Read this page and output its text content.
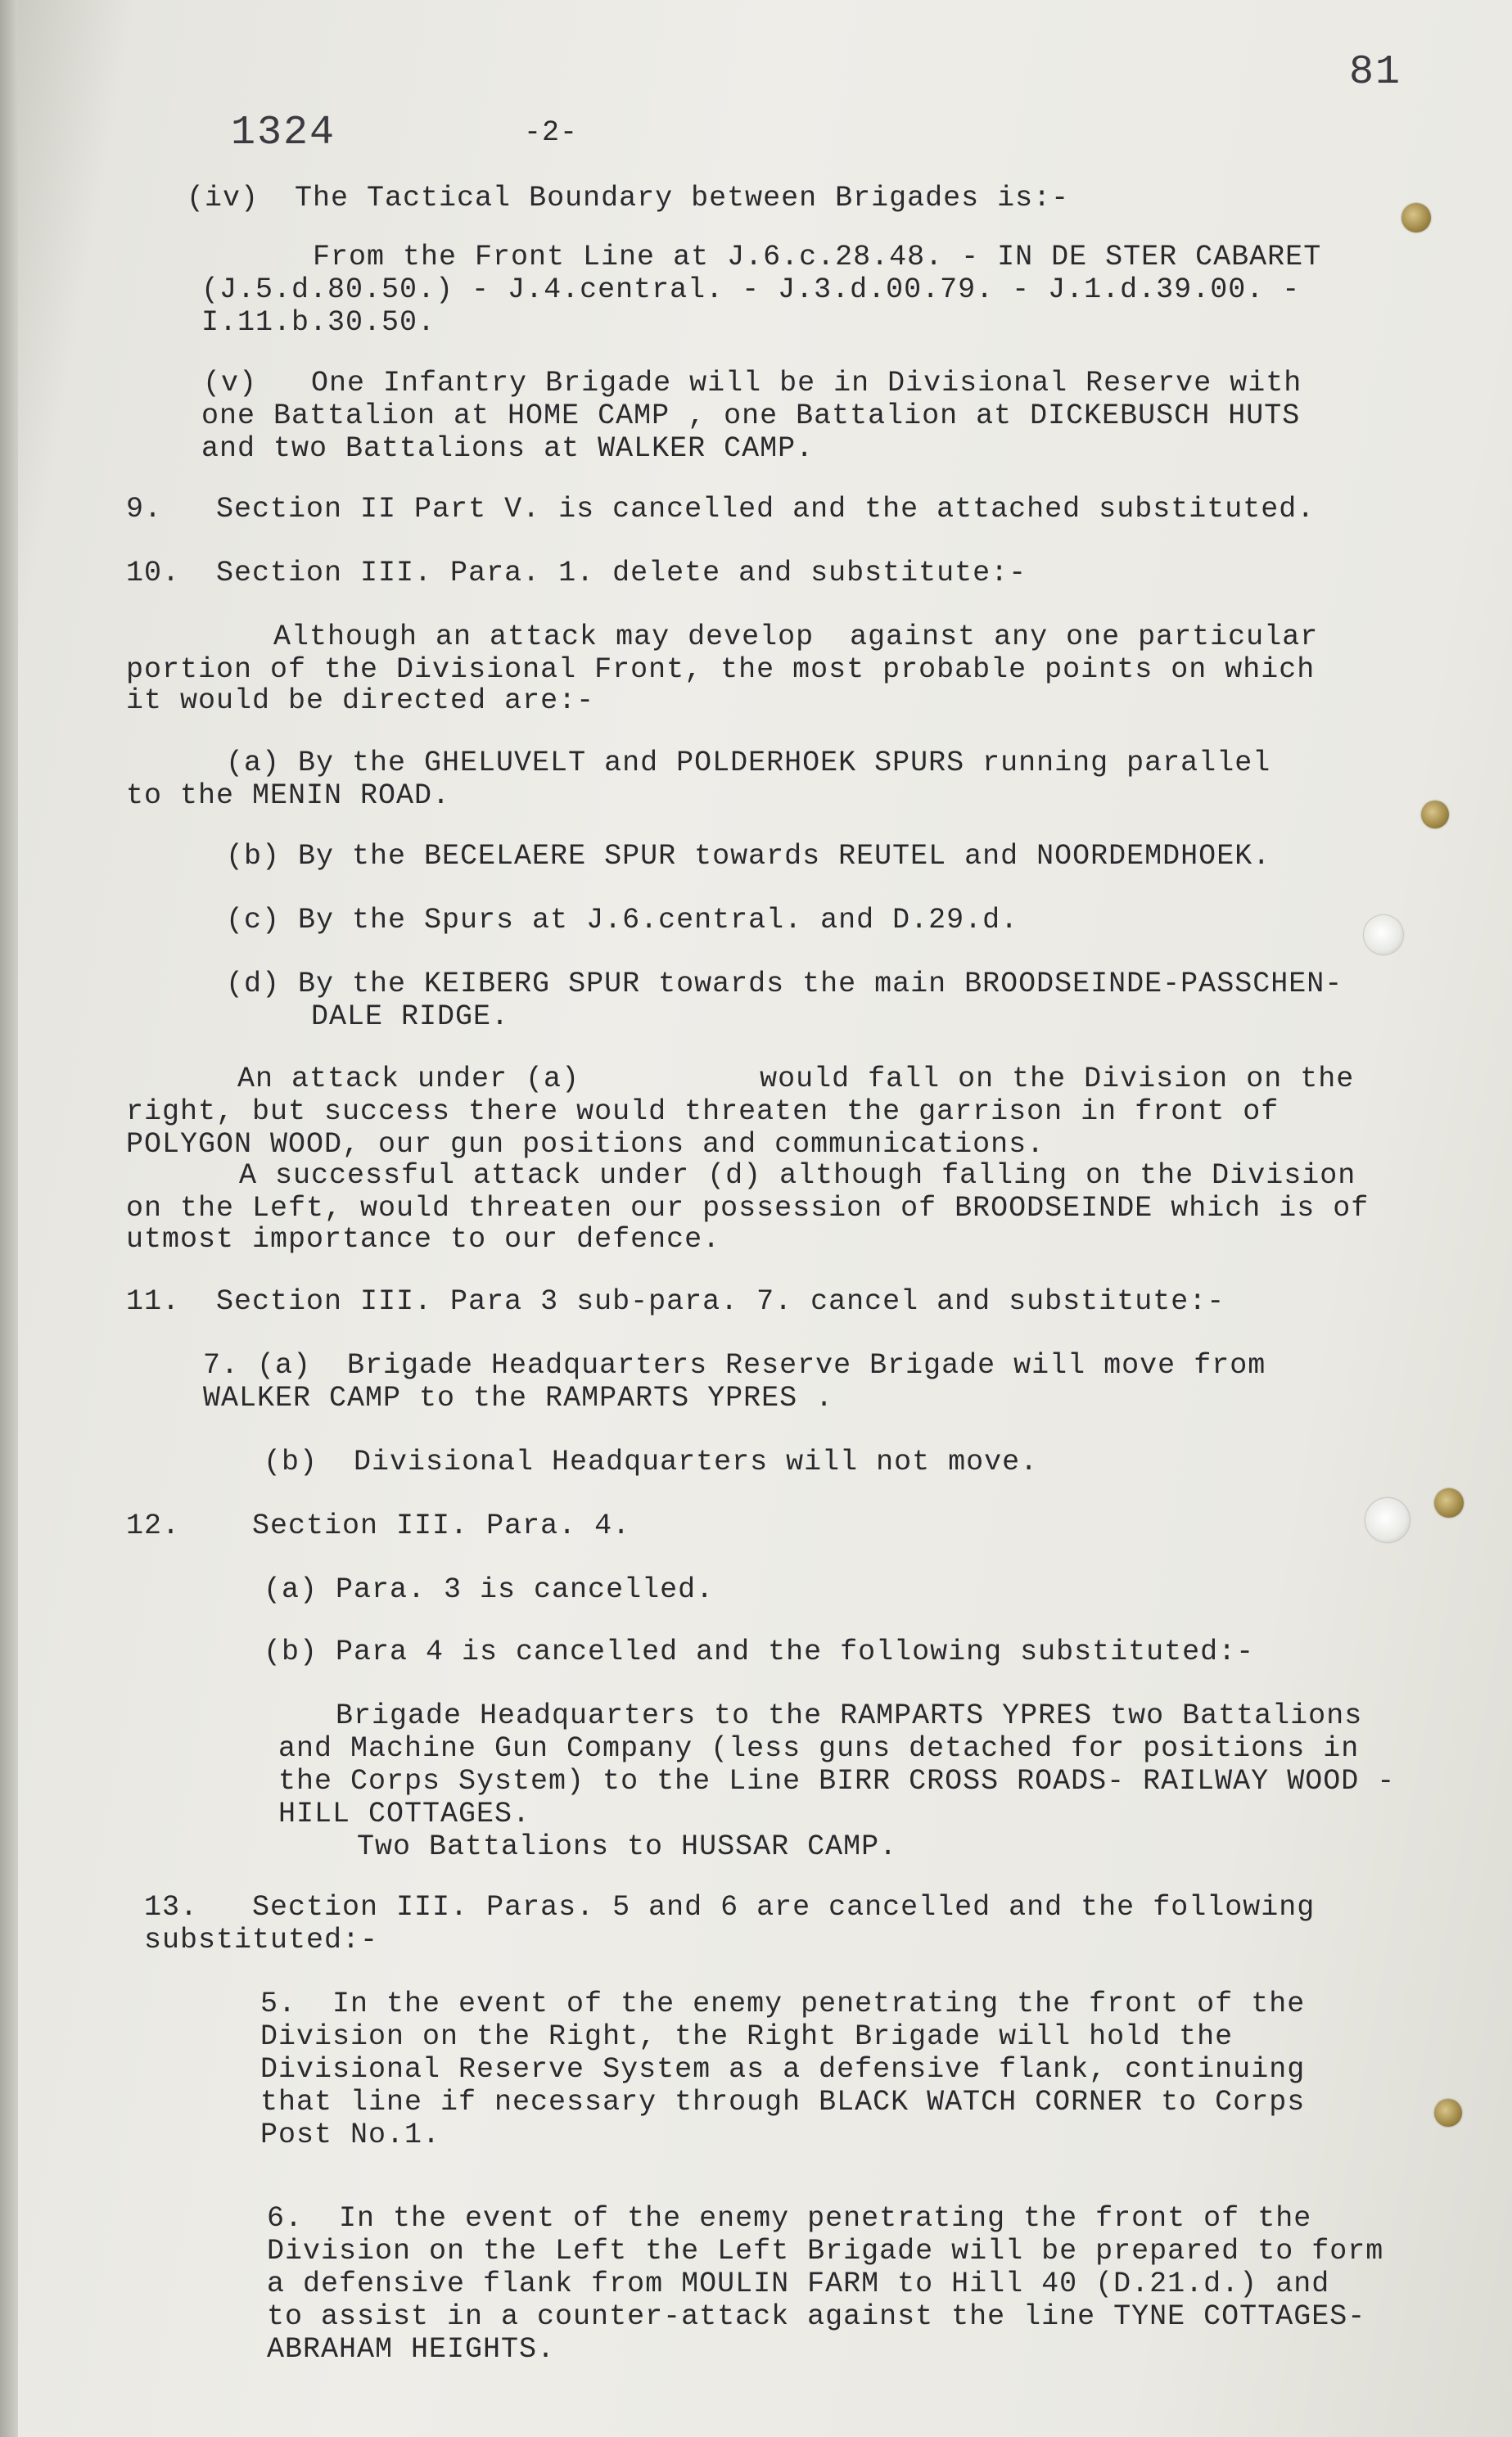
81
1324	-2-
(iv)  The Tactical Boundary between Brigades is:-
From the Front Line at J.6.c.28.48. - IN DE STER CABARET
(J.5.d.80.50.) - J.4.central. - J.3.d.00.79. - J.1.d.39.00. -
I.11.b.30.50.
(v)   One Infantry Brigade will be in Divisional Reserve with
one Battalion at HOME CAMP , one Battalion at DICKEBUSCH HUTS
and two Battalions at WALKER CAMP.
9.   Section II Part V. is cancelled and the attached substituted.
10.  Section III. Para. 1. delete and substitute:-
Although an attack may develop  against any one particular
portion of the Divisional Front, the most probable points on which
it would be directed are:-
(a) By the GHELUVELT and POLDERHOEK SPURS running parallel
to the MENIN ROAD.
(b) By the BECELAERE SPUR towards REUTEL and NOORDEMDHOEK.
(c) By the Spurs at J.6.central. and D.29.d.
(d) By the KEIBERG SPUR towards the main BROODSEINDE-PASSCHEN-
DALE RIDGE.
An attack under (a)          would fall on the Division on the
right, but success there would threaten the garrison in front of
POLYGON WOOD, our gun positions and communications.
A successful attack under (d) although falling on the Division
on the Left, would threaten our possession of BROODSEINDE which is of
utmost importance to our defence.
11.  Section III. Para 3 sub-para. 7. cancel and substitute:-
7. (a)  Brigade Headquarters Reserve Brigade will move from
WALKER CAMP to the RAMPARTS YPRES .
(b)  Divisional Headquarters will not move.
12.    Section III. Para. 4.
(a) Para. 3 is cancelled.
(b) Para 4 is cancelled and the following substituted:-
Brigade Headquarters to the RAMPARTS YPRES two Battalions
and Machine Gun Company (less guns detached for positions in
the Corps System) to the Line BIRR CROSS ROADS- RAILWAY WOOD -
HILL COTTAGES.
Two Battalions to HUSSAR CAMP.
13.   Section III. Paras. 5 and 6 are cancelled and the following
substituted:-
5.  In the event of the enemy penetrating the front of the
Division on the Right, the Right Brigade will hold the
Divisional Reserve System as a defensive flank, continuing
that line if necessary through BLACK WATCH CORNER to Corps
Post No.1.
6.  In the event of the enemy penetrating the front of the
Division on the Left the Left Brigade will be prepared to form
a defensive flank from MOULIN FARM to Hill 40 (D.21.d.) and
to assist in a counter-attack against the line TYNE COTTAGES-
ABRAHAM HEIGHTS.
